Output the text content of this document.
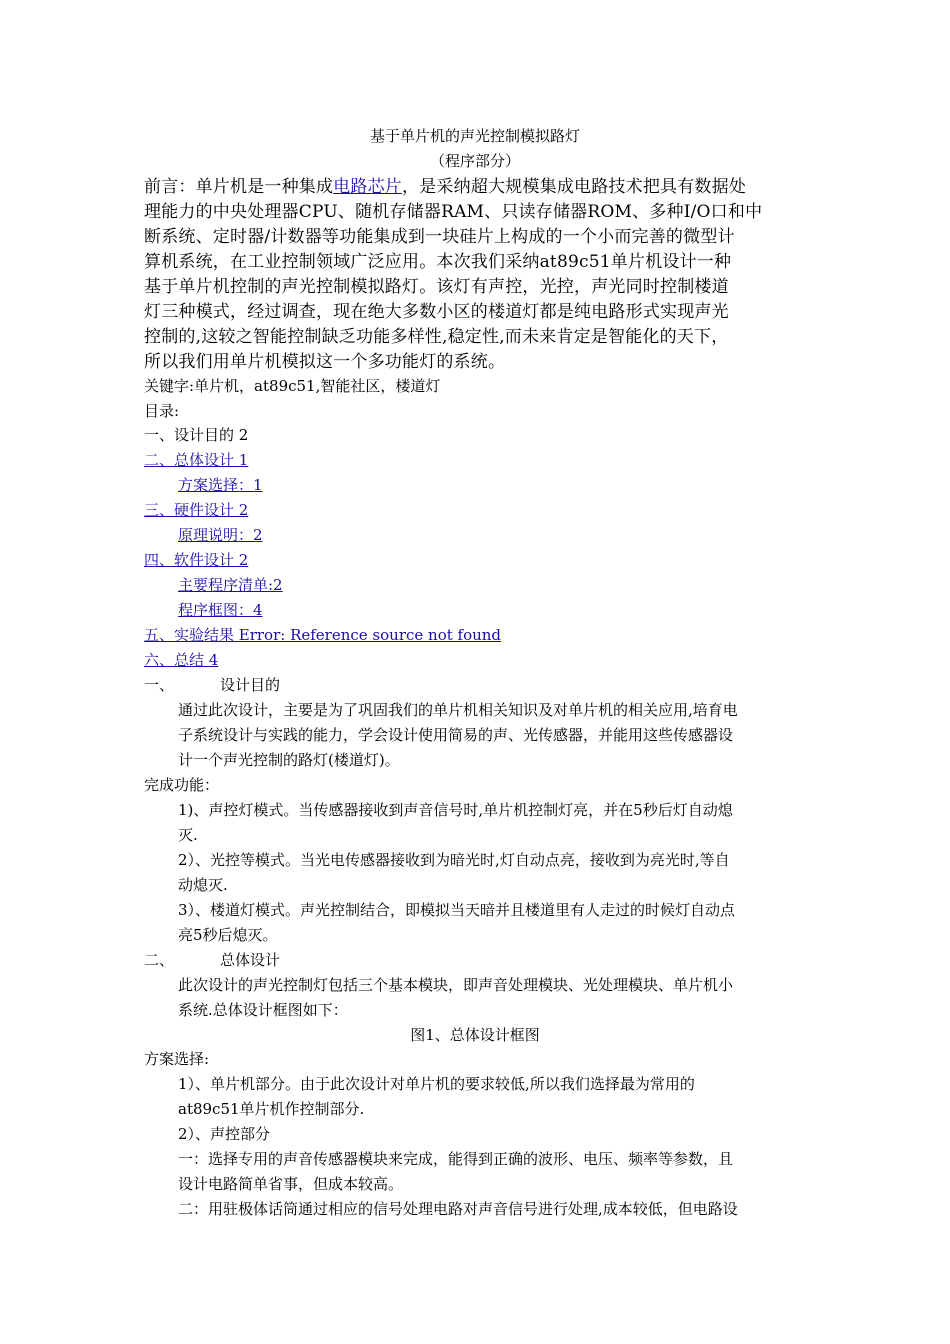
基于单片机的声光控制模拟路灯
（程序部分）
前言：单片机是一种集成电路芯片，是采纳超大规模集成电路技术把具有数据处
理能力的中央处理器CPU、随机存储器RAM、只读存储器ROM、多种I/O口和中
断系统、定时器/计数器等功能集成到一块硅片上构成的一个小而完善的微型计
算机系统，在工业控制领域广泛应用。本次我们采纳at89c51单片机设计一种
基于单片机控制的声光控制模拟路灯。该灯有声控，光控，声光同时控制楼道
灯三种模式，经过调查，现在绝大多数小区的楼道灯都是纯电路形式实现声光
控制的,这较之智能控制缺乏功能多样性,稳定性,而未来肯定是智能化的天下，
所以我们用单片机模拟这一个多功能灯的系统。
关键字:单片机，at89c51,智能社区，楼道灯
目录:
一、设计目的 2
二、总体设计 1
方案选择：1
三、硬件设计 2
原理说明：2
四、软件设计 2
主要程序清单:2
程序框图：4
五、实验结果 Error: Reference source not found
六、总结 4
一、	设计目的
通过此次设计，主要是为了巩固我们的单片机相关知识及对单片机的相关应用,培育电
子系统设计与实践的能力，学会设计使用简易的声、光传感器，并能用这些传感器设
计一个声光控制的路灯(楼道灯)。
完成功能：
1)、声控灯模式。当传感器接收到声音信号时,单片机控制灯亮，并在5秒后灯自动熄
灭.
2）、光控等模式。当光电传感器接收到为暗光时,灯自动点亮，接收到为亮光时,等自
动熄灭.
3）、楼道灯模式。声光控制结合，即模拟当天暗并且楼道里有人走过的时候灯自动点
亮5秒后熄灭。
二、	总体设计
此次设计的声光控制灯包括三个基本模块，即声音处理模块、光处理模块、单片机小
系统.总体设计框图如下：
图1、总体设计框图
方案选择:
1）、单片机部分。由于此次设计对单片机的要求较低,所以我们选择最为常用的
at89c51单片机作控制部分.
2）、声控部分
一：选择专用的声音传感器模块来完成，能得到正确的波形、电压、频率等参数，且
设计电路简单省事，但成本较高。
二：用驻极体话筒通过相应的信号处理电路对声音信号进行处理,成本较低，但电路设
